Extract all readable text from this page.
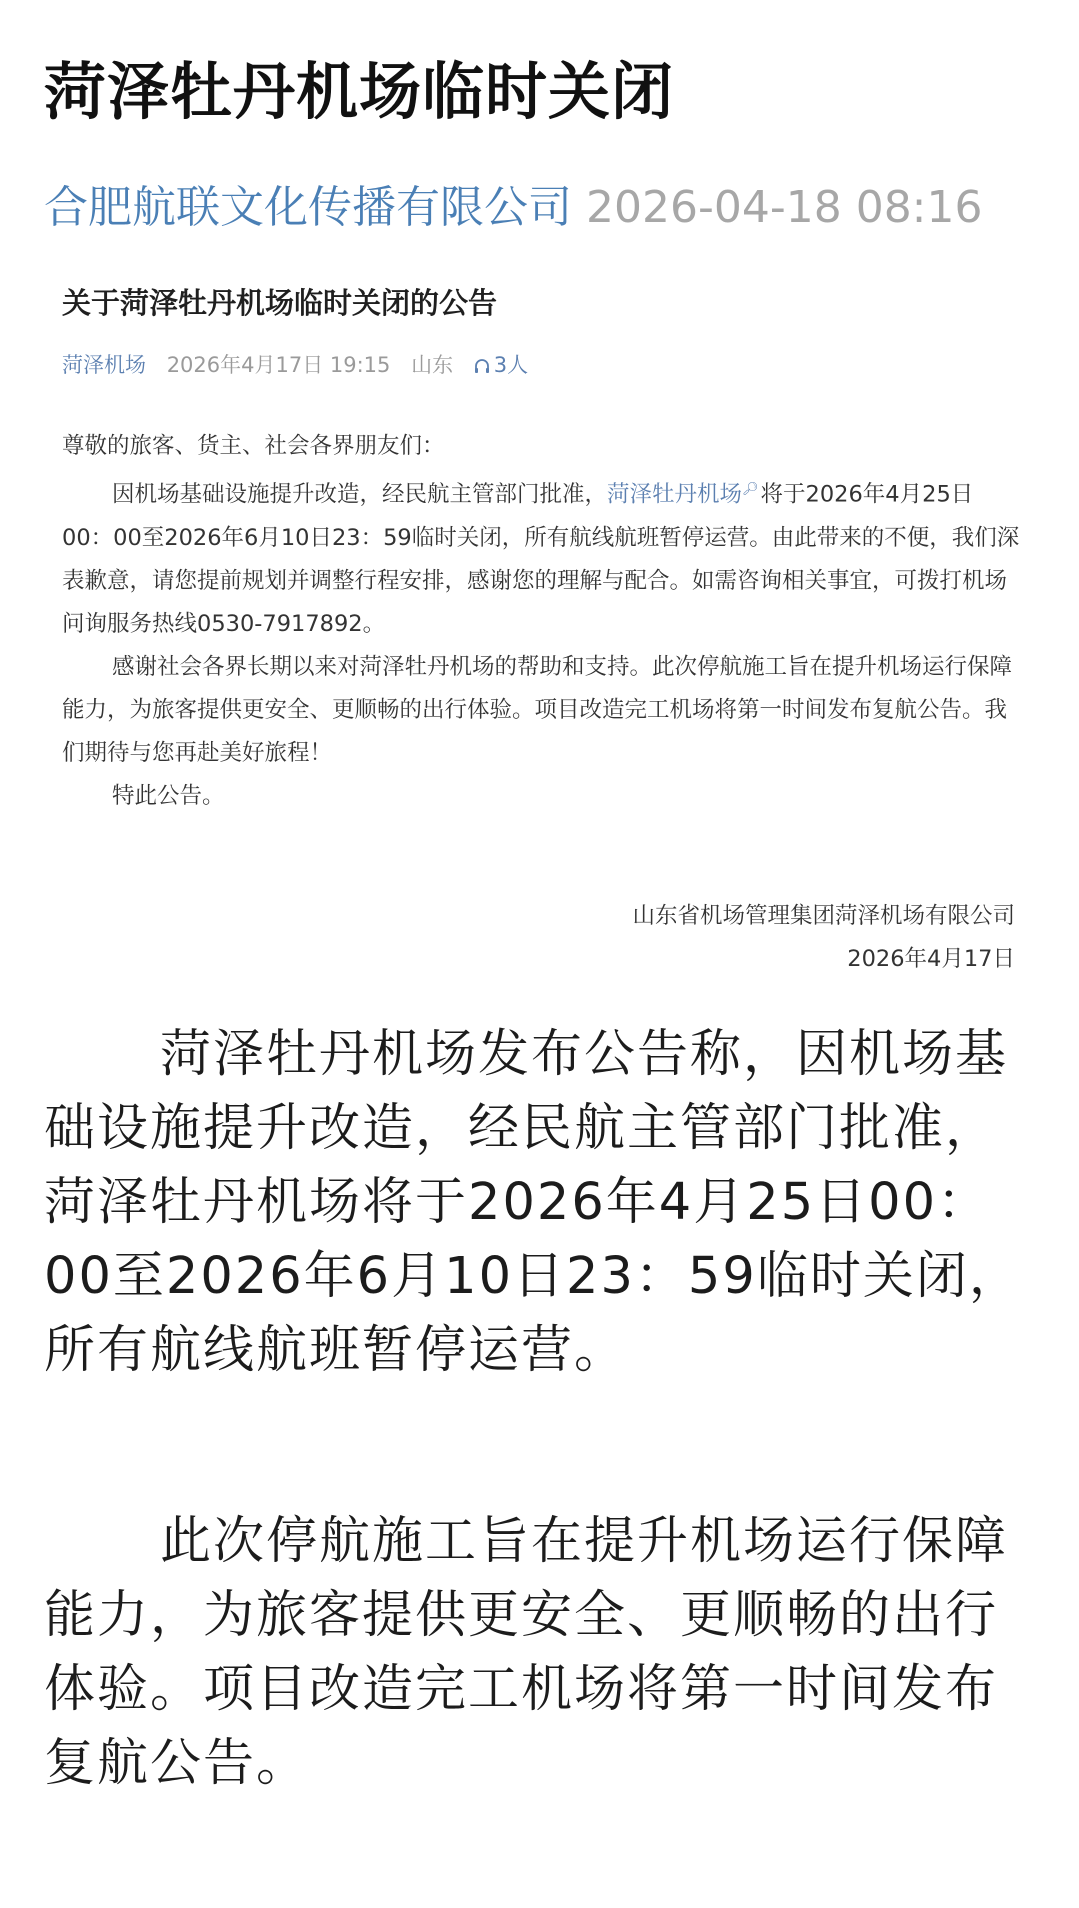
菏泽牡丹机场临时关闭
合肥航联文化传播有限公司 2026-04-18 08:16
关于菏泽牡丹机场临时关闭的公告
菏泽机场 2026年4月17日 19:15 山东 3人

尊敬的旅客、货主、社会各界朋友们：

因机场基础设施提升改造，经民航主管部门批准，菏泽牡丹机场🔎︎将于2026年4月25日00：00至2026年6月10日23：59临时关闭，所有航线航班暂停运营。由此带来的不便，我们深表歉意，请您提前规划并调整行程安排，感谢您的理解与配合。如需咨询相关事宜，可拨打机场问询服务热线0530-7917892。

感谢社会各界长期以来对菏泽牡丹机场的帮助和支持。此次停航施工旨在提升机场运行保障能力，为旅客提供更安全、更顺畅的出行体验。项目改造完工机场将第一时间发布复航公告。我们期待与您再赴美好旅程！

特此公告。

山东省机场管理集团菏泽机场有限公司
2026年4月17日

菏泽牡丹机场发布公告称，因机场基础设施提升改造，经民航主管部门批准，菏泽牡丹机场将于2026年4月25日00：00至2026年6月10日23：59临时关闭，所有航线航班暂停运营。

此次停航施工旨在提升机场运行保障能力，为旅客提供更安全、更顺畅的出行体验。项目改造完工机场将第一时间发布复航公告。
